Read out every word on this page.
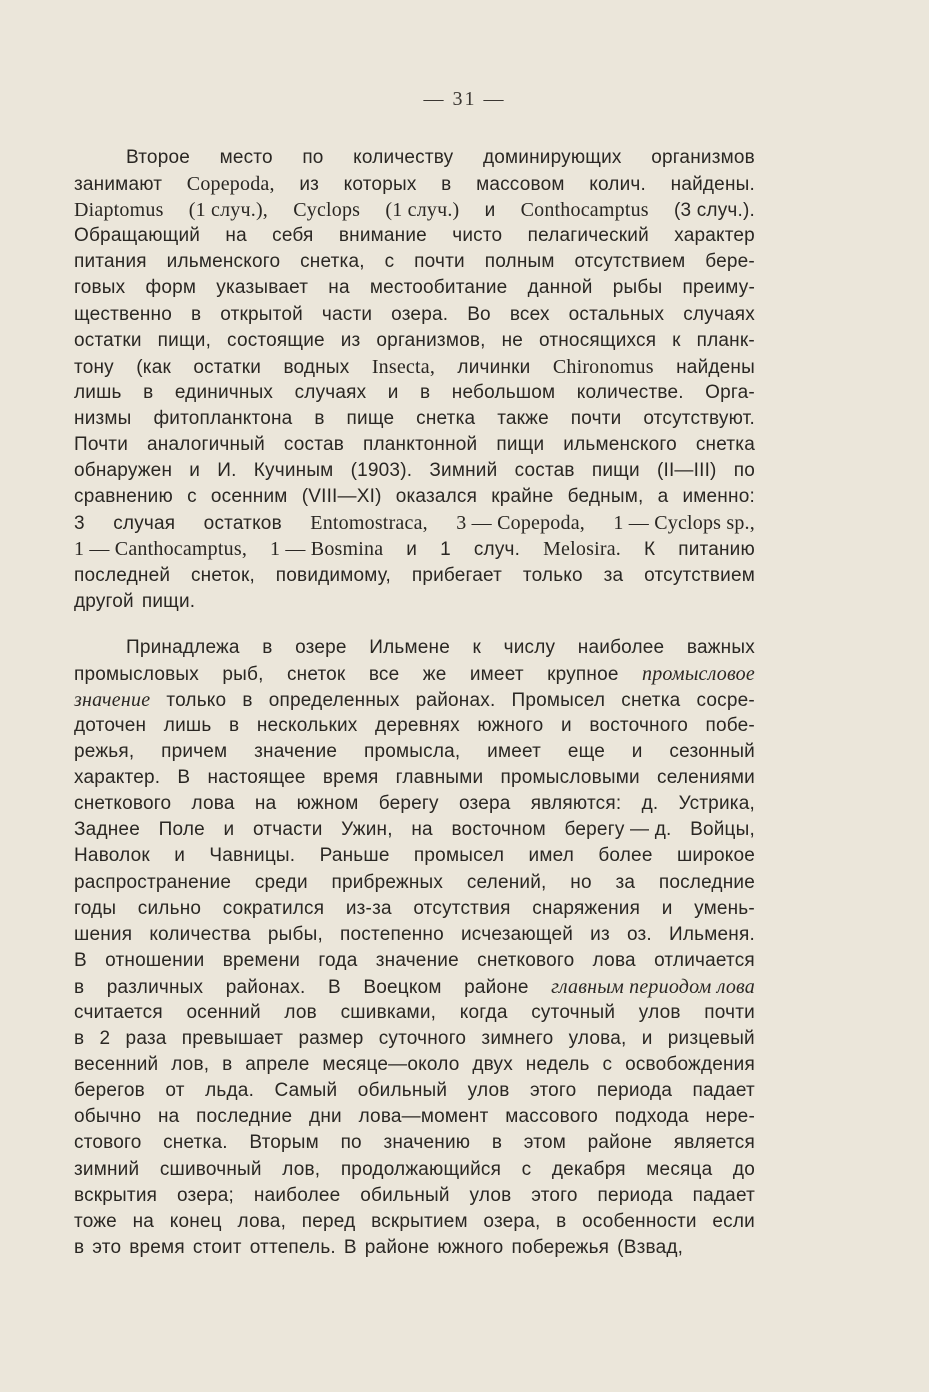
— 31 —
Второе место по количеству доминирующих организмов
занимают Copepoda, из которых в массовом колич. найдены.
Diaptomus (1 случ.), Cyclops (1 случ.) и Conthocamptus (3 случ.).
Обращающий на себя внимание чисто пелагический характер
питания ильменского снетка, с почти полным отсутствием бере-
говых форм указывает на местообитание данной рыбы преиму-
щественно в открытой части озера. Во всех остальных случаях
остатки пищи, состоящие из организмов, не относящихся к планк-
тону (как остатки водных Insecta, личинки Chironomus найдены
лишь в единичных случаях и в небольшом количестве. Орга-
низмы фитопланктона в пище снетка также почти отсутствуют.
Почти аналогичный состав планктонной пищи ильменского снетка
обнаружен и И. Кучиным (1903). Зимний состав пищи (II—III) по
сравнению с осенним (VIII—XI) оказался крайне бедным, а именно:
3 случая остатков Entomostraca, 3 — Copepoda, 1 — Cyclops sp.,
1 — Canthocamptus, 1 — Bosmina и 1 случ. Melosira. К питанию
последней снеток, повидимому, прибегает только за отсутствием
другой пищи.
Принадлежа в озере Ильмене к числу наиболее важных
промысловых рыб, снеток все же имеет крупное промысловое
значение только в определенных районах. Промысел снетка сосре-
доточен лишь в нескольких деревнях южного и восточного побе-
режья, причем значение промысла, имеет еще и сезонный
характер. В настоящее время главными промысловыми селениями
снеткового лова на южном берегу озера являются: д. Устрика,
Заднее Поле и отчасти Ужин, на восточном берегу — д. Войцы,
Наволок и Чавницы. Раньше промысел имел более широкое
распространение среди прибрежных селений, но за последние
годы сильно сократился из-за отсутствия снаряжения и умень-
шения количества рыбы, постепенно исчезающей из оз. Ильменя.
В отношении времени года значение снеткового лова отличается
в различных районах. В Воецком районе главным периодом лова
считается осенний лов сшивками, когда суточный улов почти
в 2 раза превышает размер суточного зимнего улова, и ризцевый
весенний лов, в апреле месяце—около двух недель с освобождения
берегов от льда. Самый обильный улов этого периода падает
обычно на последние дни лова—момент массового подхода нере-
стового снетка. Вторым по значению в этом районе является
зимний сшивочный лов, продолжающийся с декабря месяца до
вскрытия озера; наиболее обильный улов этого периода падает
тоже на конец лова, перед вскрытием озера, в особенности если
в это время стоит оттепель. В районе южного побережья (Взвад,
